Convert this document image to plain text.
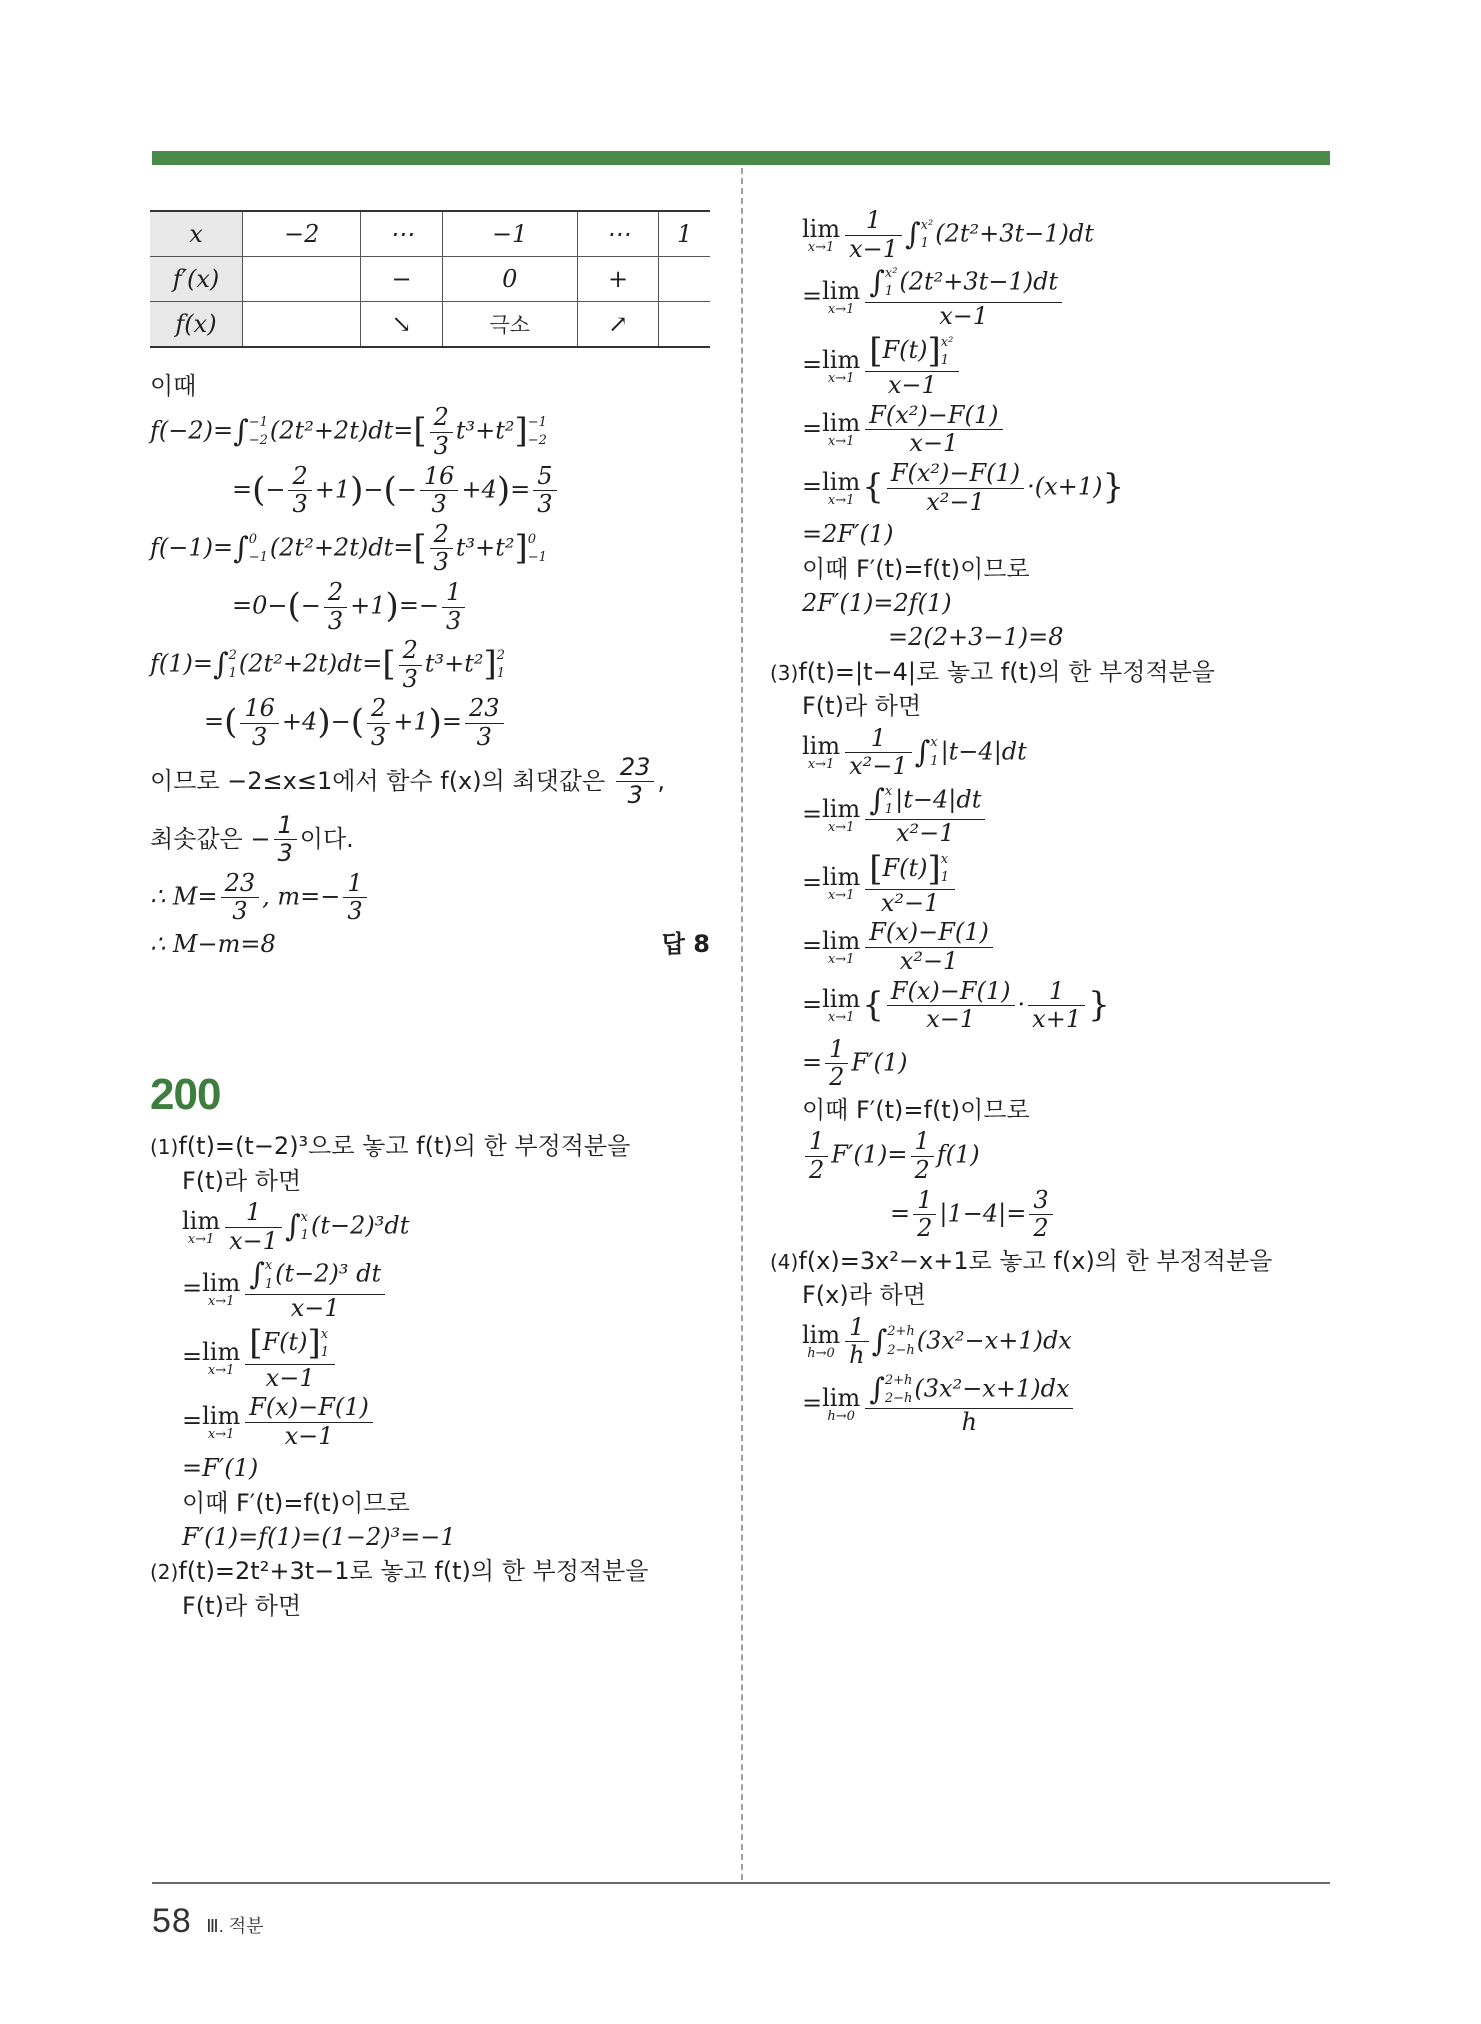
x	−2	⋯	−1	⋯	1
f′(x)		−	0	+	
f(x)		↘	극소	↗	
이때
f(−2)=∫ −1
−2 $(2t^2+2t)dt=[ \frac{2}{3} t^3+t^2] -1$
−2
=(− $\frac{2}{3} +1)-(- \frac{16}{3} +4)= \frac{5}{3}$
f(−1)=∫ 0
−1 $(2t^2+2t)dt=[ \frac{2}{3} t^3+t^2]$ 0
−1
$=0-(- \frac{2}{3} +1)=- \frac{1}{3}$
f(1)=∫ 2
1 $(2t^2+2t)dt=[ \frac{2}{3} t^3+t^2]$ 2
1
=( $\frac{16}{3} +4)-( \frac{2}{3} +1)= \frac{23}{3}$
이므로 −2≤x≤1에서 함수 f(x)의 최댓값은 $\frac{23}{3}$ ,
최솟값은 − $\frac{1}{3}$ 이다.
∴ $M= \frac{23}{3}$ , $m=- \frac{1}{3}$
∴ M−m=8	답 8
200
(1)f(t)=(t−2)³으로 놓고 f(t)의 한 부정적분을
F(t)라 하면
lim
$x\to 1 \frac{1}{x-1}$ ∫ x
1 (t−2)³dt
= lim
x→1 ∫ x
1 (t−2)³ dt
x−1
= lim
x→1 [F(t)] x
1
x−1
= lim
$x\to 1 \frac{F(x)-F(1)}{x-1}$
=F′(1)
이때 F′(t)=f(t)이므로
F′(1)=f(1)=(1−2)³=−1
(2)f(t)=2t²+3t−1로 놓고 f(t)의 한 부정적분을
F(t)라 하면
lim
$x\to 1 \frac{1}{x-1}$ ∫ x²
1 (2t²+3t−1)dt
= lim
x→1 ∫ x²
1 (2t²+3t−1)dt
x−1
= lim
x→1 [F(t)] x²
1
x−1
= lim
$x\to 1 \frac{\text{F(x²)−F(1)}}{x-1}$
= lim
x→1 { $\frac{\text{F(x²)−F(1)}}{\text{x²−1}} \cdot(x+1)$}
=2F′(1)
이때 F′(t)=f(t)이므로
2F′(1)=2f(1)
=2(2+3−1)=8
(3)f(t)=|t−4|로 놓고 f(t)의 한 부정적분을
F(t)라 하면
lim
$x\to 1 \frac{1}{\text{x²−1}}$ ∫ x
1 |t−4|dt
= lim
x→1 ∫ x
1 |t−4|dt
x²−1
= lim
x→1 [F(t)] x
1
x²−1
= lim
$x\to 1 \frac{F(x)-F(1)}{\text{x²−1}}$
= lim
x→1 { $\frac{F(x)-F(1)}{x-1} \cdot \frac{1}{x+1}$ }
= $\frac{1}{2} F'(1)$
이때 F′(t)=f(t)이므로
$\frac{1}{2} F'(1)= \frac{1}{2} f(1)$
= $\frac{1}{2} |1-4|= \frac{3}{2}$
(4)f(x)=3x²−x+1로 놓고 f(x)의 한 부정적분을
F(x)라 하면
lim
$h\to 0 \frac{1}{h}$ ∫ 2+h
2−h (3x²−x+1)dx
= lim
h→0 ∫ 2+h
2−h (3x²−x+1)dx
h
58 Ⅲ. 적분
